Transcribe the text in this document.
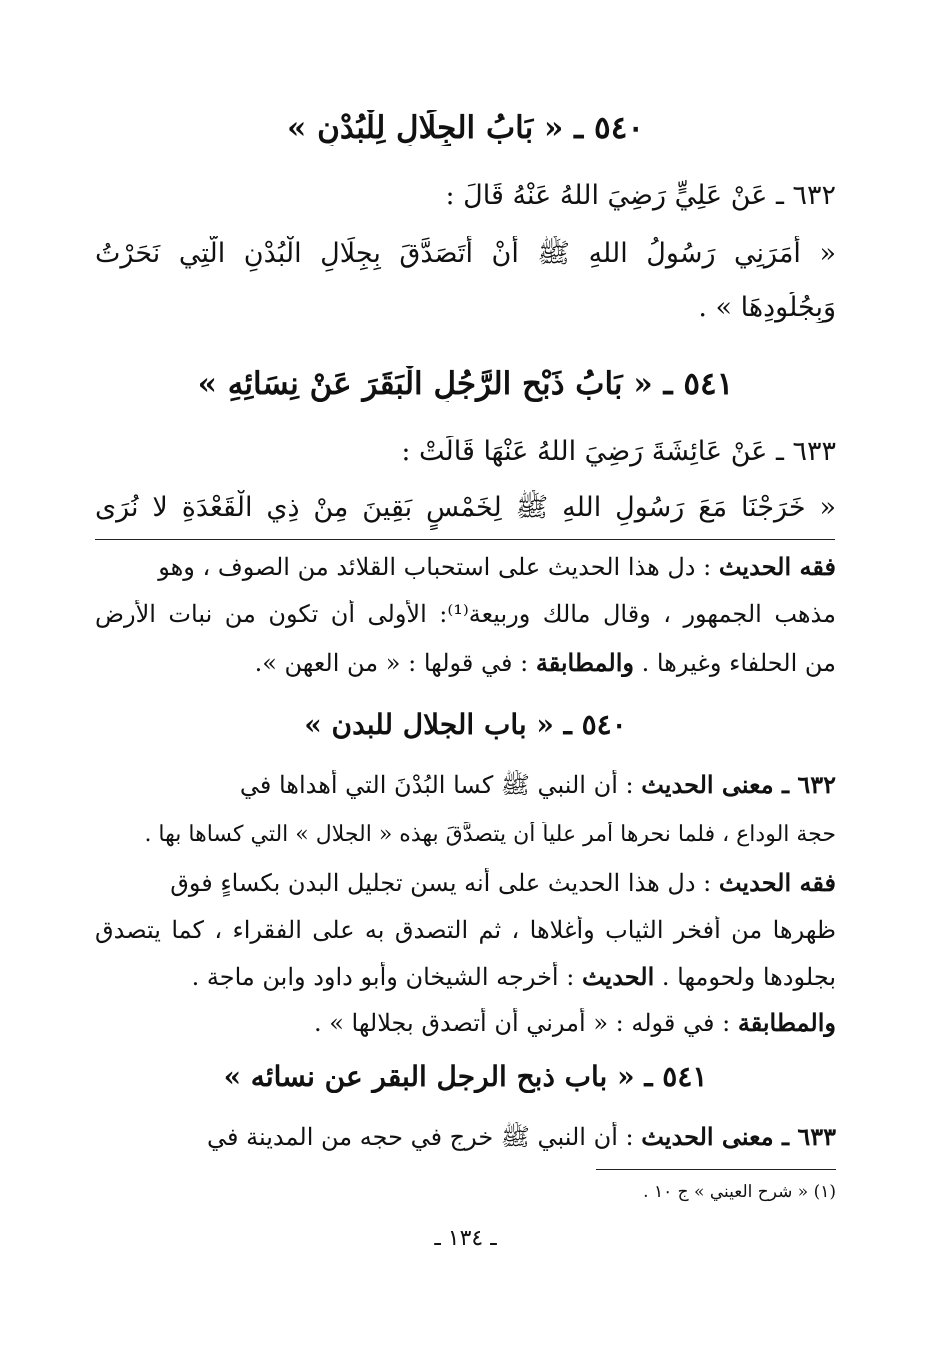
٥٤٠ ـ « بَابُ الجِلَالِ لِلْبُدْنِ »
٦٣٢ ـ عَنْ عَلِيٍّ رَضِيَ اللهُ عَنْهُ قَالَ :
« أَمَرَنِي رَسُولُ اللهِ ﷺ أَنْ أَتَصَدَّقَ بِجِلَالِ الْبُدْنِ الَّتِي نَحَرْتُ
وَبِجُلُودِهَا » .
٥٤١ ـ « بَابُ ذَبْحِ الرَّجُلِ الْبَقَرَ عَنْ نِسَائِهِ »
٦٣٣ ـ عَنْ عَائِشَةَ رَضِيَ اللهُ عَنْهَا قَالَتْ :
« خَرَجْنَا مَعَ رَسُولِ اللهِ ﷺ لِخَمْسٍ بَقِينَ مِنْ ذِي الْقَعْدَةِ لا نُرَى
فقه الحديث : دل هذا الحديث على استحباب القلائد من الصوف ، وهو
مذهب الجمهور ، وقال مالك وربيعة⁽¹⁾: الأولى أن تكون من نبات الأرض
من الحلفاء وغيرها . والمطابقة : في قولها : « من العهن ».
٥٤٠ ـ « باب الجلال للبدن »
٦٣٢ ـ معنى الحديث : أن النبي ﷺ كسا البُدْنَ التي أهداها في
حجة الوداع ، فلما نحرها أمر علياً أن يتصدَّقَ بهذه « الجلال » التي كساها بها .
فقه الحديث : دل هذا الحديث على أنه يسن تجليل البدن بكساءٍ فوق
ظهرها من أفخر الثياب وأغلاها ، ثم التصدق به على الفقراء ، كما يتصدق
بجلودها ولحومها . الحديث : أخرجه الشيخان وأبو داود وابن ماجة .
والمطابقة : في قوله : « أمرني أن أتصدق بجلالها » .
٥٤١ ـ « باب ذبح الرجل البقر عن نسائه »
٦٣٣ ـ معنى الحديث : أن النبي ﷺ خرج في حجه من المدينة في
(١) « شرح العيني » ج ١٠ .
ـ ١٣٤ ـ
